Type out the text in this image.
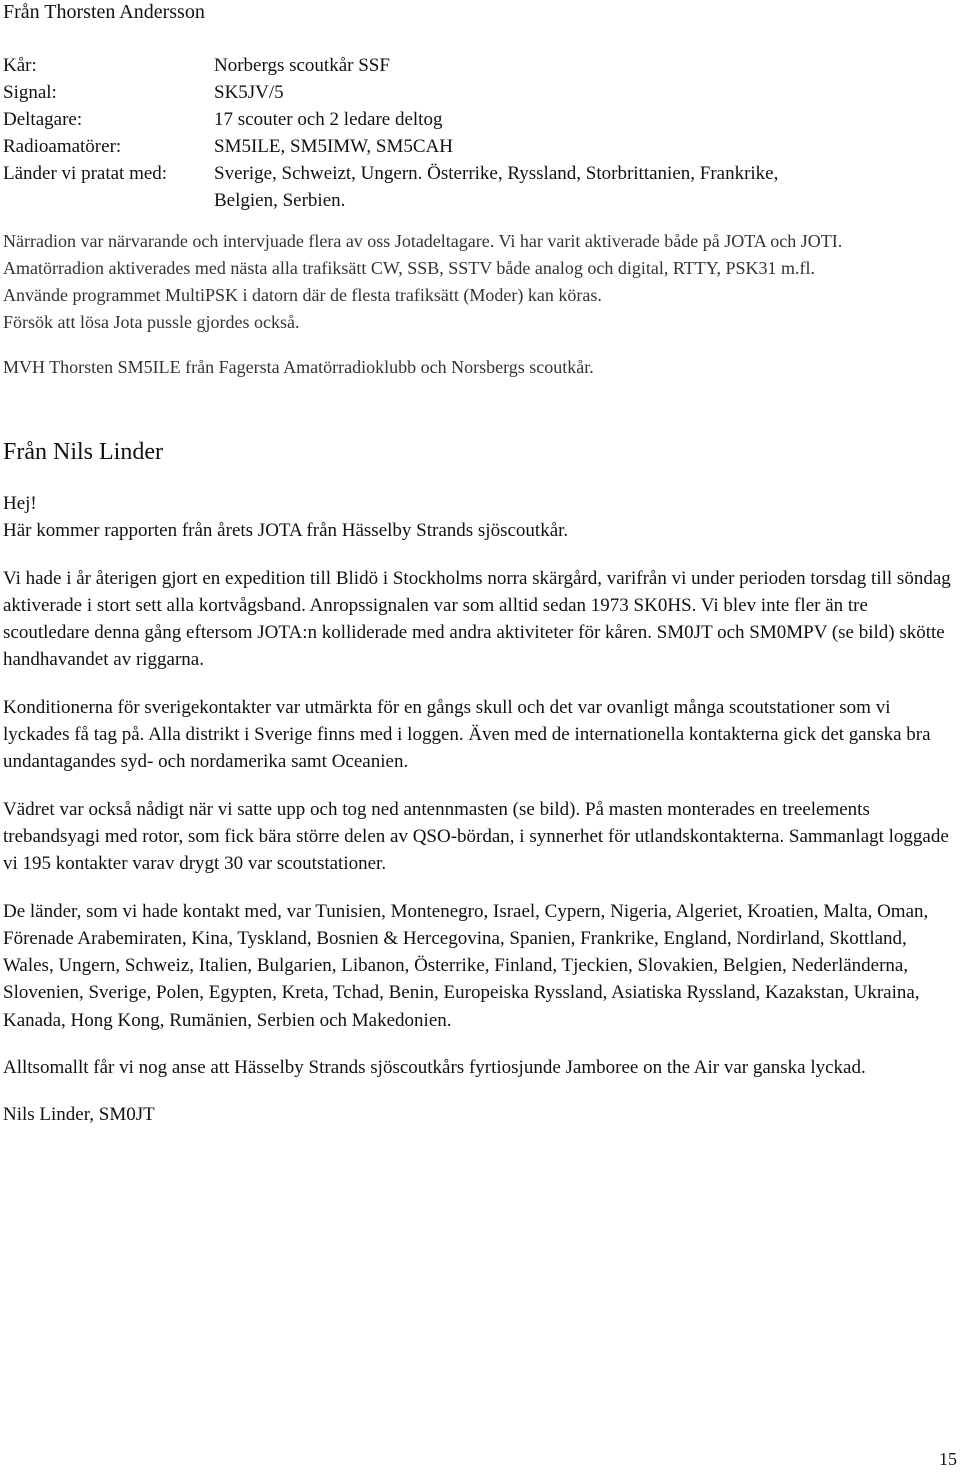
Från Thorsten Andersson

Kår:	Norbergs scoutkår SSF
Signal:	SK5JV/5
Deltagare:	17 scouter och 2 ledare deltog
Radioamatörer:	SM5ILE, SM5IMW, SM5CAH
Länder vi pratat med:	Sverige, Schweizt, Ungern. Österrike, Ryssland, Storbrittanien, Frankrike,
Belgien, Serbien.

Närradion var närvarande och intervjuade flera av oss Jotadeltagare. Vi har varit aktiverade både på JOTA och JOTI.

Amatörradion aktiverades med nästa alla trafiksätt CW, SSB, SSTV både analog och digital, RTTY, PSK31 m.fl.

Använde programmet MultiPSK i datorn där de flesta trafiksätt (Moder) kan köras.

Försök att lösa Jota pussle gjordes också.

MVH Thorsten SM5ILE från Fagersta Amatörradioklubb och Norsbergs scoutkår.

Från Nils Linder

Hej!

Här kommer rapporten från årets JOTA från Hässelby Strands sjöscoutkår.

Vi hade i år återigen gjort en expedition till Blidö i Stockholms norra skärgård, varifrån vi under perioden torsdag till söndag aktiverade i stort sett alla kortvågsband. Anropssignalen var som alltid sedan 1973 SK0HS. Vi blev inte fler än tre scoutledare denna gång eftersom JOTA:n kolliderade med andra aktiviteter för kåren. SM0JT och SM0MPV (se bild) skötte handhavandet av riggarna.

Konditionerna för sverigekontakter var utmärkta för en gångs skull och det var ovanligt många scoutstationer som vi lyckades få tag på. Alla distrikt i Sverige finns med i loggen. Även med de internationella kontakterna gick det ganska bra undantagandes syd- och nordamerika samt Oceanien.

Vädret var också nådigt när vi satte upp och tog ned antennmasten (se bild). På masten monterades en treelements trebandsyagi med rotor, som fick bära större delen av QSO-bördan, i synnerhet för utlandskontakterna. Sammanlagt loggade vi 195 kontakter varav drygt 30 var scoutstationer.

De länder, som vi hade kontakt med, var Tunisien, Montenegro, Israel, Cypern, Nigeria, Algeriet, Kroatien, Malta, Oman, Förenade Arabemiraten, Kina, Tyskland, Bosnien & Hercegovina, Spanien, Frankrike, England, Nordirland, Skottland, Wales, Ungern, Schweiz, Italien, Bulgarien, Libanon, Österrike, Finland, Tjeckien, Slovakien, Belgien, Nederländerna, Slovenien, Sverige, Polen, Egypten, Kreta, Tchad, Benin, Europeiska Ryssland, Asiatiska Ryssland, Kazakstan, Ukraina, Kanada, Hong Kong, Rumänien, Serbien och Makedonien.

Alltsomallt får vi nog anse att Hässelby Strands sjöscoutkårs fyrtiosjunde Jamboree on the Air var ganska lyckad.

Nils Linder, SM0JT

15
